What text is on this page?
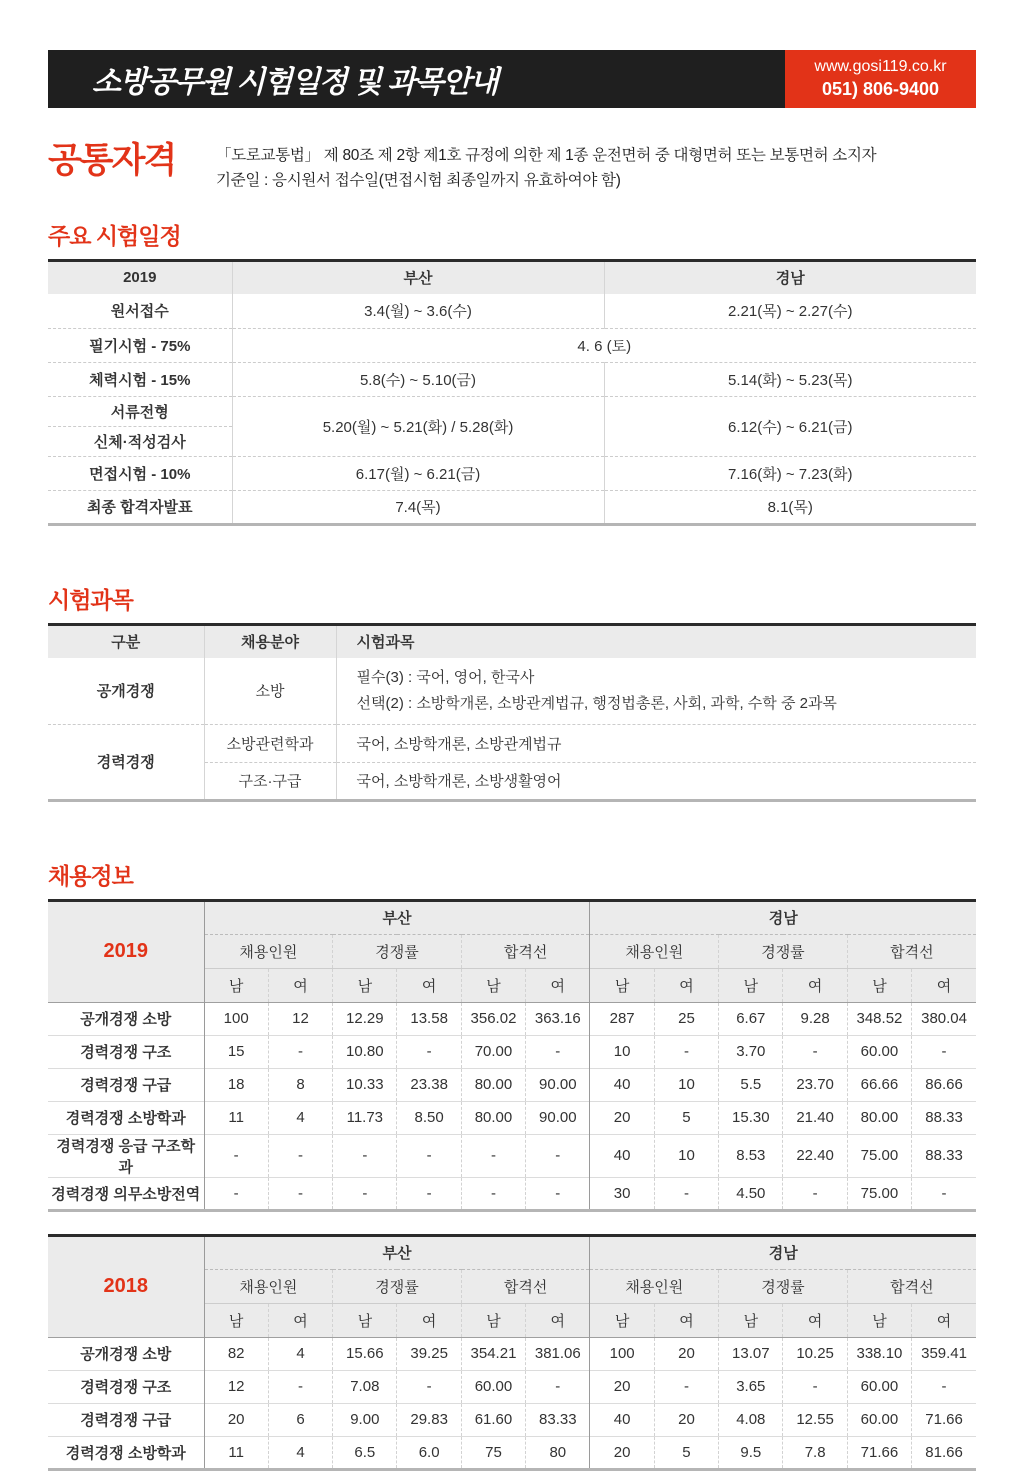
소방공무원 시험일정 및 과목안내	www.gosi119.co.kr
051) 806-9400
공통자격	「도로교통법」 제 80조 제 2항 제1호 규정에 의한 제 1종 운전면허 중 대형면허 또는 보통면허 소지자
기준일 : 응시원서 접수일(면접시험 최종일까지 유효하여야 함)
주요 시험일정
2019	부산	경남
원서접수	3.4(월) ~ 3.6(수)	2.21(목) ~ 2.27(수)
필기시험 - 75%	4. 6 (토)	
체력시험 - 15%	5.8(수) ~ 5.10(금)	5.14(화) ~ 5.23(목)
서류전형	5.20(월) ~ 5.21(화) / 5.28(화)	6.12(수) ~ 6.21(금)
신체·적성검사		
면접시험 - 10%	6.17(월) ~ 6.21(금)	7.16(화) ~ 7.23(화)
최종 합격자발표	7.4(목)	8.1(목)
시험과목
구분	채용분야	시험과목
공개경쟁	소방	필수(3) : 국어, 영어, 한국사
선택(2) : 소방학개론, 소방관계법규, 행정법총론, 사회, 과학, 수학 중 2과목

경력경쟁	소방관련학과	국어, 소방학개론, 소방관계법규
	구조·구급	국어, 소방학개론, 소방생활영어
채용정보
2019	부산						경남					
	채용인원		경쟁률		합격선		채용인원		경쟁률		합격선	
	남	여	남	여	남	여	남	여	남	여	남	여
공개경쟁 소방	100	12	12.29	13.58	356.02	363.16	287	25	6.67	9.28	348.52	380.04
경력경쟁 구조	15	-	10.80	-	70.00	-	10	-	3.70	-	60.00	-
경력경쟁 구급	18	8	10.33	23.38	80.00	90.00	40	10	5.5	23.70	66.66	86.66
경력경쟁 소방학과	11	4	11.73	8.50	80.00	90.00	20	5	15.30	21.40	80.00	88.33
경력경쟁 응급 구조학과	-	-	-	-	-	-	40	10	8.53	22.40	75.00	88.33
경력경쟁 의무소방전역	-	-	-	-	-	-	30	-	4.50	-	75.00	-
2018	부산						경남					
	채용인원		경쟁률		합격선		채용인원		경쟁률		합격선	
	남	여	남	여	남	여	남	여	남	여	남	여
공개경쟁 소방	82	4	15.66	39.25	354.21	381.06	100	20	13.07	10.25	338.10	359.41
경력경쟁 구조	12	-	7.08	-	60.00	-	20	-	3.65	-	60.00	-
경력경쟁 구급	20	6	9.00	29.83	61.60	83.33	40	20	4.08	12.55	60.00	71.66
경력경쟁 소방학과	11	4	6.5	6.0	75	80	20	5	9.5	7.8	71.66	81.66
